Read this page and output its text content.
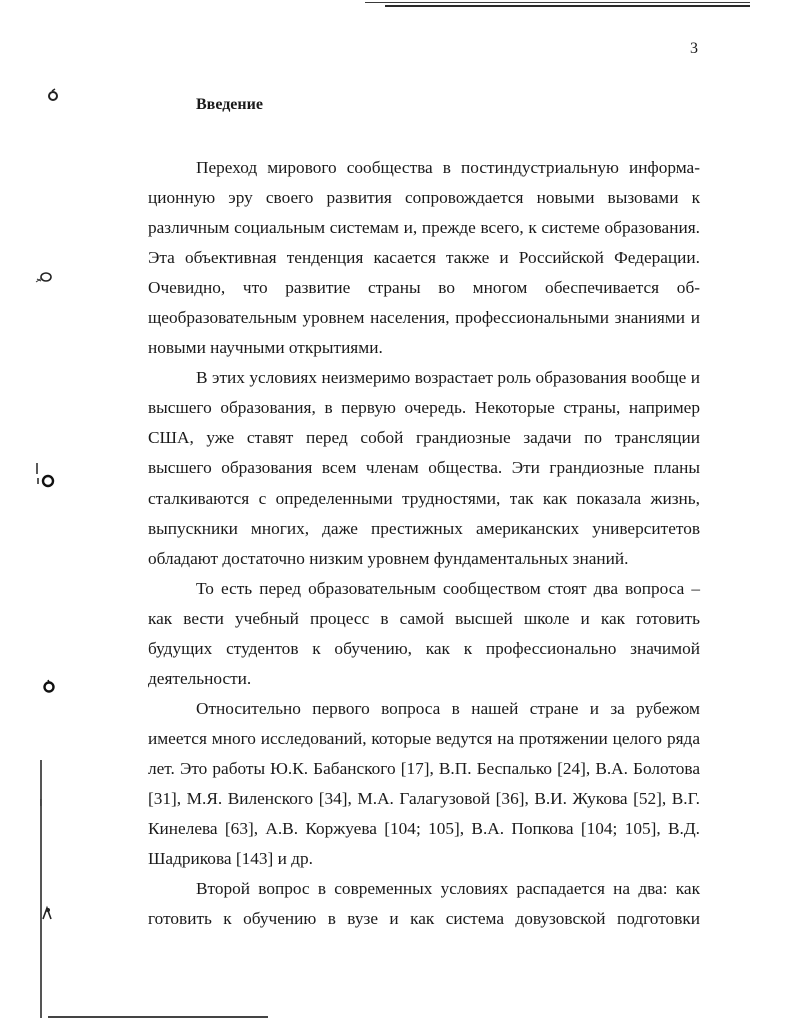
3
Введение

Переход мирового сообщества в постиндустриальную информационную эру своего развития сопровождается новыми вызовами к различным социальным системам и, прежде всего, к системе образования. Эта объективная тенденция касается также и Российской Федерации. Очевидно, что развитие страны во многом обеспечивается общеобразовательным уровнем населения, профессиональными знаниями и новыми научными открытиями.

В этих условиях неизмеримо возрастает роль образования вообще и высшего образования, в первую очередь. Некоторые страны, например США, уже ставят перед собой грандиозные задачи по трансляции высшего образования всем членам общества. Эти грандиозные планы сталкиваются с определенными трудностями, так как показала жизнь, выпускники многих, даже престижных американских университетов обладают достаточно низким уровнем фундаментальных знаний.

То есть перед образовательным сообществом стоят два вопроса – как вести учебный процесс в самой высшей школе и как готовить будущих студентов к обучению, как к профессионально значимой деятельности.

Относительно первого вопроса в нашей стране и за рубежом имеется много исследований, которые ведутся на протяжении целого ряда лет. Это работы Ю.К. Бабанского [17], В.П. Беспалько [24], В.А. Болотова [31], М.Я. Виленского [34], М.А. Галагузовой [36], В.И. Жукова [52], В.Г. Кинелева [63], А.В. Коржуева [104; 105], В.А. Попкова [104; 105], В.Д. Шадрикова [143] и др.

Второй вопрос в современных условиях распадается на два: как готовить к обучению в вузе и как система довузовской подготовки
